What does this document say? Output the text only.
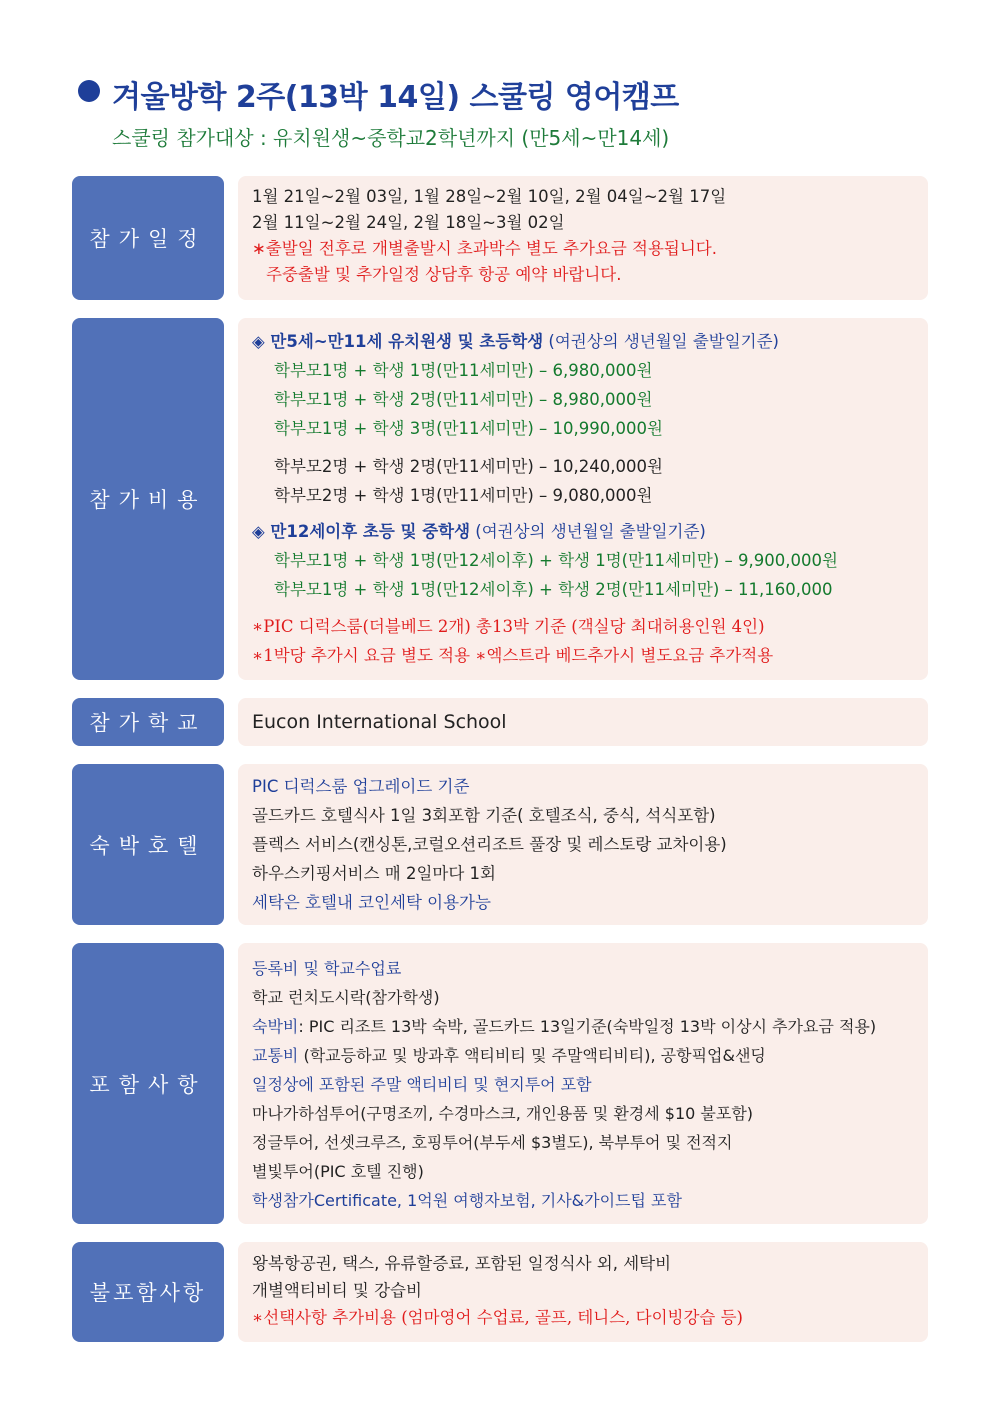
겨울방학 2주(13박 14일) 스쿨링 영어캠프
스쿨링 참가대상 : 유치원생~중학교2학년까지 (만5세~만14세)
참가일정
1월 21일~2월 03일, 1월 28일~2월 10일, 2월 04일~2월 17일
2월 11일~2월 24일, 2월 18일~3월 02일
∗출발일 전후로 개별출발시 초과박수 별도 추가요금 적용됩니다.
주중출발 및 추가일정 상담후 항공 예약 바랍니다.
참가비용
◈ 만5세~만11세 유치원생 및 초등학생 (여권상의 생년월일 출발일기준)
학부모1명 + 학생 1명(만11세미만) – 6,980,000원
학부모1명 + 학생 2명(만11세미만) – 8,980,000원
학부모1명 + 학생 3명(만11세미만) – 10,990,000원
학부모2명 + 학생 2명(만11세미만) – 10,240,000원
학부모2명 + 학생 1명(만11세미만) – 9,080,000원
◈ 만12세이후 초등 및 중학생 (여권상의 생년월일 출발일기준)
학부모1명 + 학생 1명(만12세이후) + 학생 1명(만11세미만) – 9,900,000원
학부모1명 + 학생 1명(만12세이후) + 학생 2명(만11세미만) – 11,160,000
∗PIC 디럭스룸(더블베드 2개) 총13박 기준 (객실당 최대허용인원 4인)
∗1박당 추가시 요금 별도 적용 ∗엑스트라 베드추가시 별도요금 추가적용
참가학교	Eucon International School
숙박호텔
PIC 디럭스룸 업그레이드 기준
골드카드 호텔식사 1일 3회포함 기준( 호텔조식, 중식, 석식포함)
플렉스 서비스(캔싱톤,코럴오션리조트 풀장 및 레스토랑 교차이용)
하우스키핑서비스 매 2일마다 1회
세탁은 호텔내 코인세탁 이용가능
포함사항
등록비 및 학교수업료
학교 런치도시락(참가학생)
숙박비: PIC 리조트 13박 숙박, 골드카드 13일기준(숙박일정 13박 이상시 추가요금 적용)
교통비 (학교등하교 및 방과후 액티비티 및 주말액티비티), 공항픽업&샌딩
일정상에 포함된 주말 액티비티 및 현지투어 포함
마나가하섬투어(구명조끼, 수경마스크, 개인용품 및 환경세 $10 불포함)
정글투어, 선셋크루즈, 호핑투어(부두세 $3별도), 북부투어 및 전적지
별빛투어(PIC 호텔 진행)
학생참가Certificate, 1억원 여행자보험, 기사&가이드팁 포함
불포함사항
왕복항공권, 택스, 유류할증료, 포함된 일정식사 외, 세탁비
개별액티비티 및 강습비
∗선택사항 추가비용 (엄마영어 수업료, 골프, 테니스, 다이빙강습 등)
